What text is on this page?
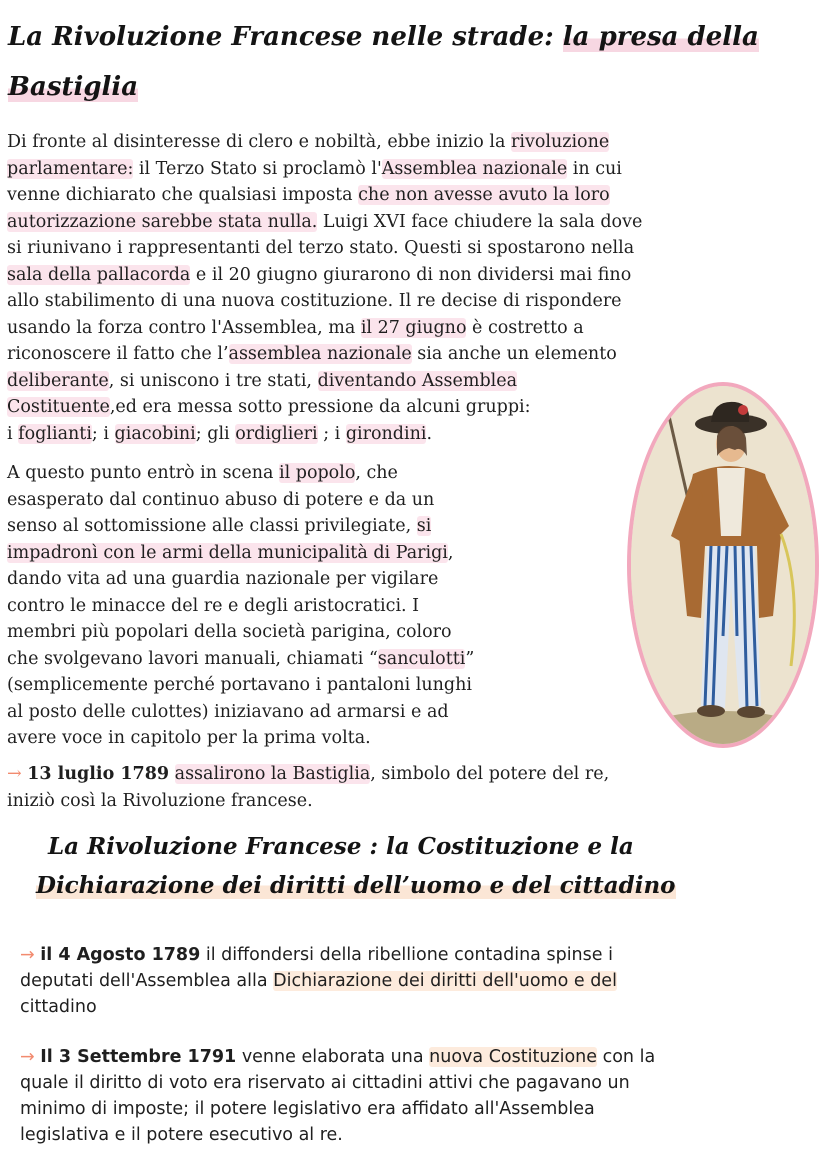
La Rivoluzione Francese nelle strade: la presa della
Bastiglia
Di fronte al disinteresse di clero e nobiltà, ebbe inizio la rivoluzione
parlamentare: il Terzo Stato si proclamò l'Assemblea nazionale in cui
venne dichiarato che qualsiasi imposta che non avesse avuto la loro
autorizzazione sarebbe stata nulla. Luigi XVI face chiudere la sala dove
si riunivano i rappresentanti del terzo stato. Questi si spostarono nella
sala della pallacorda e il 20 giugno giurarono di non dividersi mai fino
allo stabilimento di una nuova costituzione. Il re decise di rispondere
usando la forza contro l'Assemblea, ma il 27 giugno è costretto a
riconoscere il fatto che l’assemblea nazionale sia anche un elemento
deliberante, si uniscono i tre stati, diventando Assemblea
Costituente,ed era messa sotto pressione da alcuni gruppi:
i foglianti; i giacobini; gli ordiglieri ; i girondini.
A questo punto entrò in scena il popolo, che
esasperato dal continuo abuso di potere e da un
senso al sottomissione alle classi privilegiate, si
impadronì con le armi della municipalità di Parigi,
dando vita ad una guardia nazionale per vigilare
contro le minacce del re e degli aristocratici. I
membri più popolari della società parigina, coloro
che svolgevano lavori manuali, chiamati “sanculotti”
(semplicemente perché portavano i pantaloni lunghi
al posto delle culottes) iniziavano ad armarsi e ad
avere voce in capitolo per la prima volta.
→ 13 luglio 1789 assalirono la Bastiglia, simbolo del potere del re,
iniziò così la Rivoluzione francese.
La Rivoluzione Francese : la Costituzione e la
Dichiarazione dei diritti dell’uomo e del cittadino
→ il 4 Agosto 1789 il diffondersi della ribellione contadina spinse i
deputati dell'Assemblea alla Dichiarazione dei diritti dell'uomo e del
cittadino
→ Il 3 Settembre 1791 venne elaborata una nuova Costituzione con la
quale il diritto di voto era riservato ai cittadini attivi che pagavano un
minimo di imposte; il potere legislativo era affidato all'Assemblea
legislativa e il potere esecutivo al re.
